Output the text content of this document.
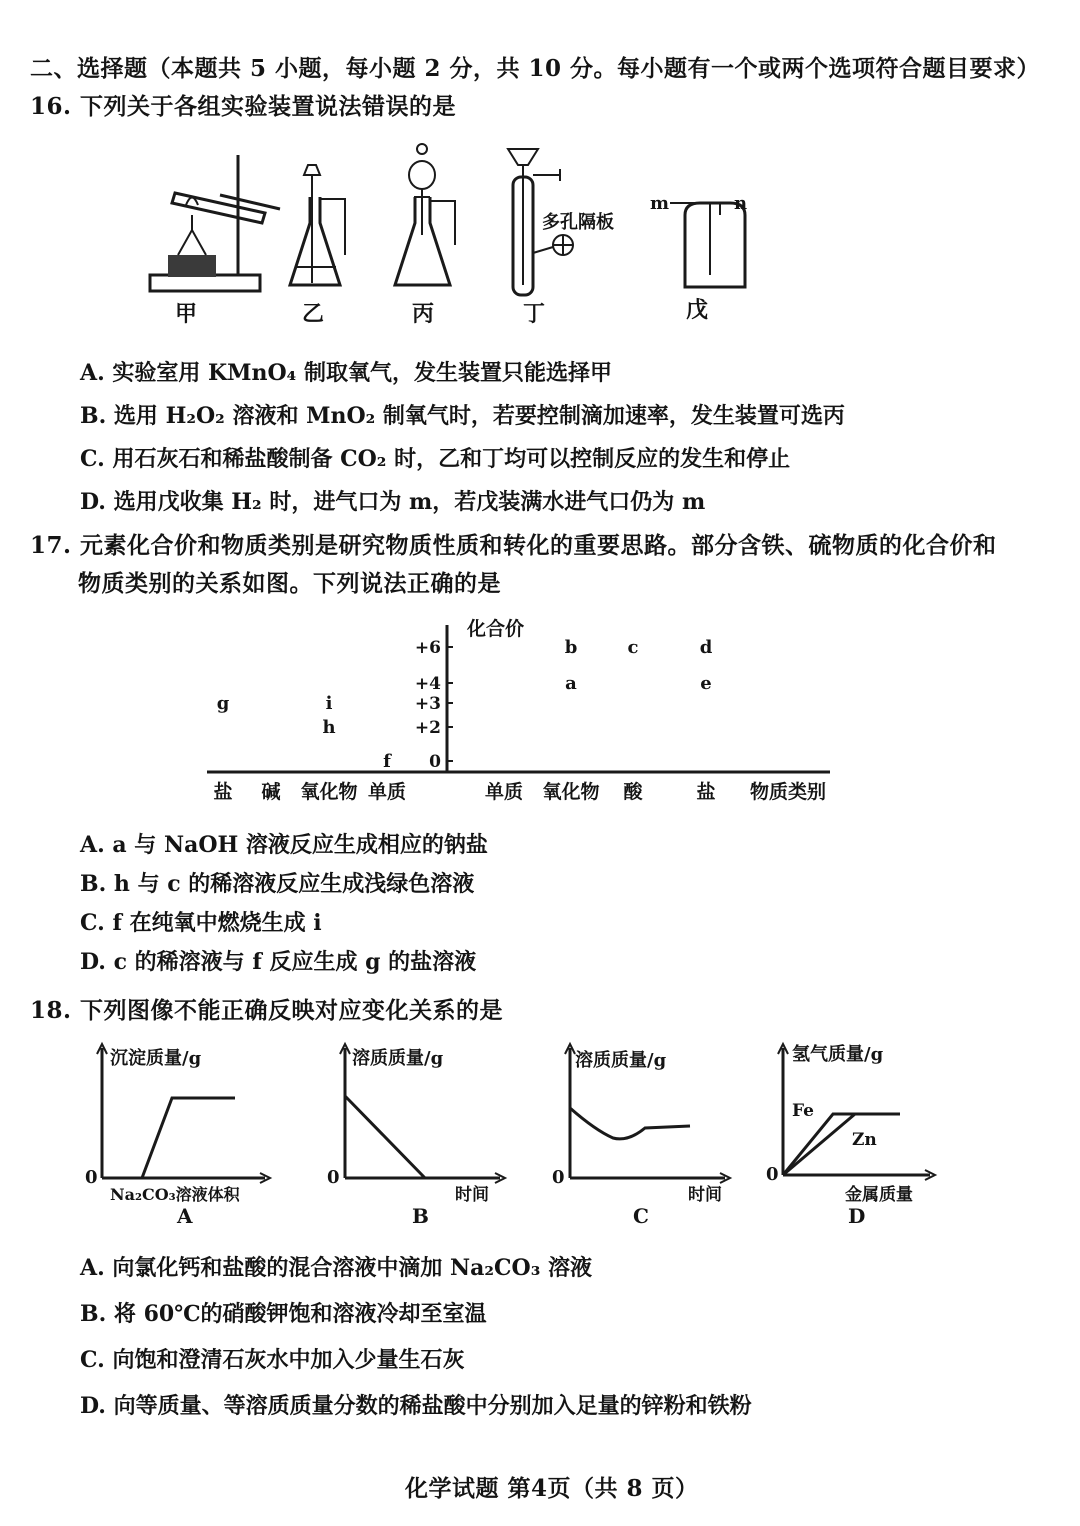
二、选择题（本题共 5 小题，每小题 2 分，共 10 分。每小题有一个或两个选项符合题目要求）
16. 下列关于各组实验装置说法错误的是
m	n
多孔隔板
甲	乙	丙	丁	戊
A. 实验室用 KMnO₄ 制取氧气，发生装置只能选择甲
B. 选用 H₂O₂ 溶液和 MnO₂ 制氧气时，若要控制滴加速率，发生装置可选丙
C. 用石灰石和稀盐酸制备 CO₂ 时，乙和丁均可以控制反应的发生和停止
D. 选用戊收集 H₂ 时，进气口为 m，若戊装满水进气口仍为 m
17. 元素化合价和物质类别是研究物质性质和转化的重要思路。部分含铁、硫物质的化合价和
物质类别的关系如图。下列说法正确的是
化合价
物质类别
+6
+4
+3
+2
0
盐 碱 氧化物 单质	单质 氧化物 酸	盐
b	c	d
a	e
g	i
h
f
A. a 与 NaOH 溶液反应生成相应的钠盐
B. h 与 c 的稀溶液反应生成浅绿色溶液
C. f 在纯氧中燃烧生成 i
D. c 的稀溶液与 f 反应生成 g 的盐溶液
18. 下列图像不能正确反映对应变化关系的是
沉淀质量/g
0
Na₂CO₃溶液体积
A
溶质质量/g
0
时间
B
溶质质量/g
0
时间
C
氢气质量/g
0
Fe
Zn
金属质量
D
A. 向氯化钙和盐酸的混合溶液中滴加 Na₂CO₃ 溶液
B. 将 60℃的硝酸钾饱和溶液冷却至室温
C. 向饱和澄清石灰水中加入少量生石灰
D. 向等质量、等溶质质量分数的稀盐酸中分别加入足量的锌粉和铁粉
化学试题 第4页（共 8 页）
